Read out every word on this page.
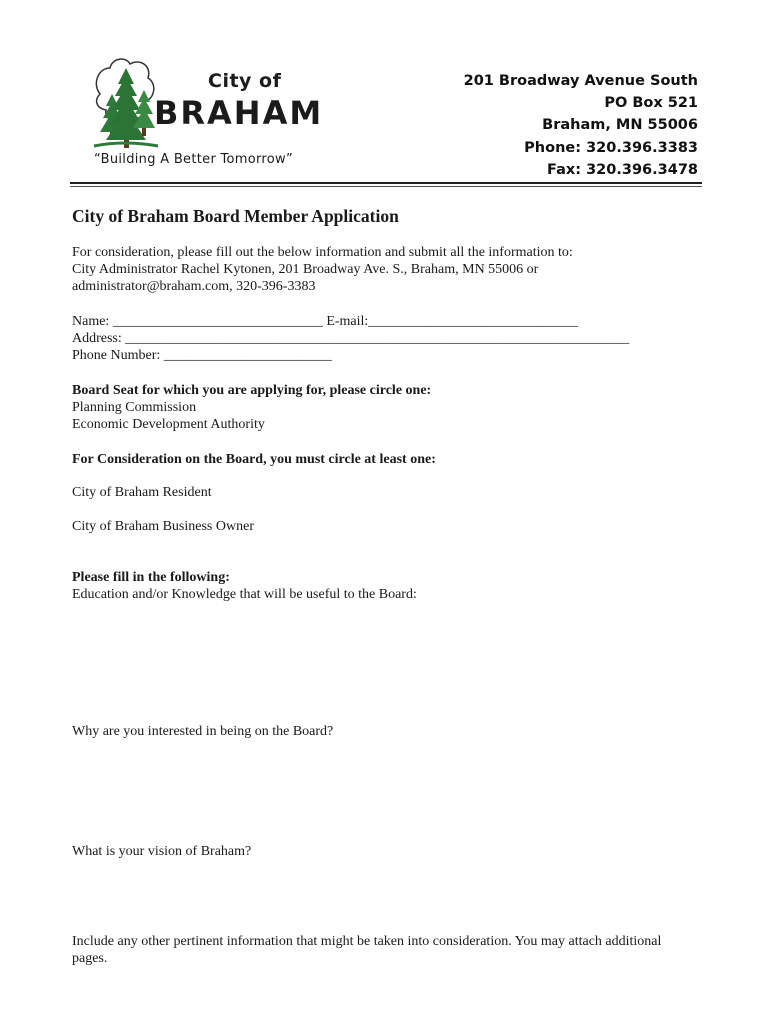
City of
BRAHAM
“Building A Better Tomorrow”
201 Broadway Avenue South
PO Box 521
Braham, MN 55006
Phone: 320.396.3383
Fax: 320.396.3478
City of Braham Board Member Application
For consideration, please fill out the below information and submit all the information to:
City Administrator Rachel Kytonen, 201 Broadway Ave. S., Braham, MN 55006 or
administrator@braham.com, 320-396-3383
Name: ______________________________ E-mail:______________________________
Address: ________________________________________________________________________
Phone Number: ________________________
Board Seat for which you are applying for, please circle one:
Planning Commission
Economic Development Authority
For Consideration on the Board, you must circle at least one:
City of Braham Resident
City of Braham Business Owner
Please fill in the following:
Education and/or Knowledge that will be useful to the Board:
Why are you interested in being on the Board?
What is your vision of Braham?
Include any other pertinent information that might be taken into consideration. You may attach additional
pages.
